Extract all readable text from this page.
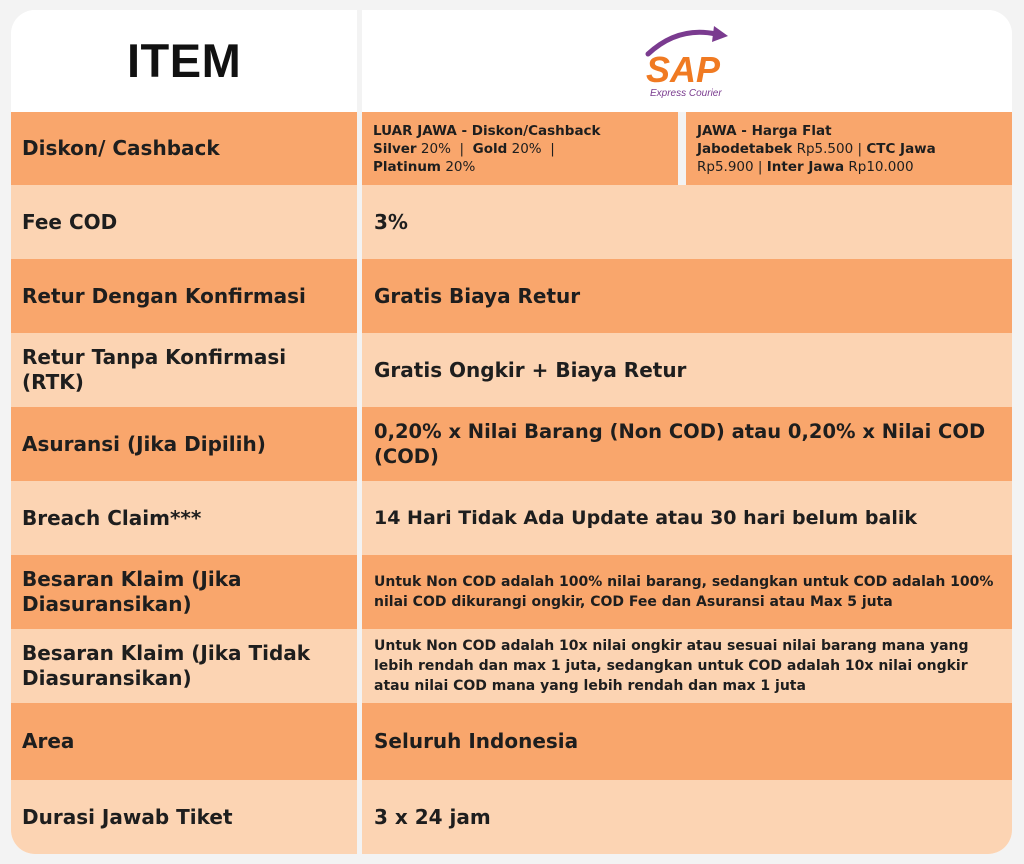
ITEM
Diskon/ Cashback
Fee COD
Retur Dengan Konfirmasi
Retur Tanpa Konfirmasi (RTK)
Asuransi (Jika Dipilih)
Breach Claim***
Besaran Klaim (Jika Diasuransikan)
Besaran Klaim (Jika Tidak Diasuransikan)
Area
Durasi Jawab Tiket
SAP
Express Courier
LUAR JAWA - Diskon/Cashback
Silver 20% | Gold 20% |
Platinum 20%
JAWA - Harga Flat
Jabodetabek Rp5.500 | CTC Jawa
Rp5.900 | Inter Jawa Rp10.000
3%
Gratis Biaya Retur
Gratis Ongkir + Biaya Retur
0,20% x Nilai Barang (Non COD) atau 0,20% x Nilai COD (COD)
14 Hari Tidak Ada Update atau 30 hari belum balik
Untuk Non COD adalah 100% nilai barang, sedangkan untuk COD adalah 100% nilai COD dikurangi ongkir, COD Fee dan Asuransi atau Max 5 juta
Untuk Non COD adalah 10x nilai ongkir atau sesuai nilai barang mana yang lebih rendah dan max 1 juta, sedangkan untuk COD adalah 10x nilai ongkir atau nilai COD mana yang lebih rendah dan max 1 juta
Seluruh Indonesia
3 x 24 jam
